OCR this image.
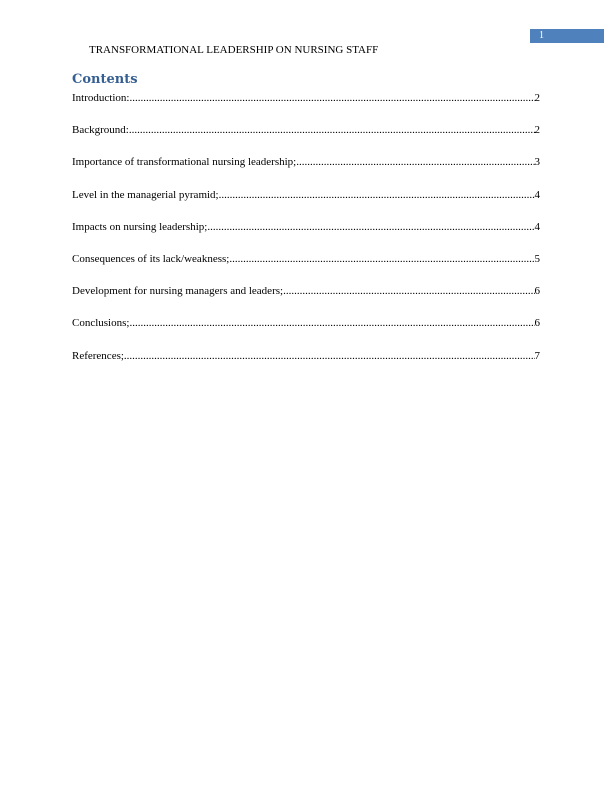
1
TRANSFORMATIONAL LEADERSHIP ON NURSING STAFF
Contents
Introduction: .....	2
Background: .....	2
Importance of transformational nursing leadership; .....	3
Level in the managerial pyramid; .....	4
Impacts on nursing leadership; .....	4
Consequences of its lack/weakness; .....	5
Development for nursing managers and leaders; .....	6
Conclusions; .....	6
References; .....	7
